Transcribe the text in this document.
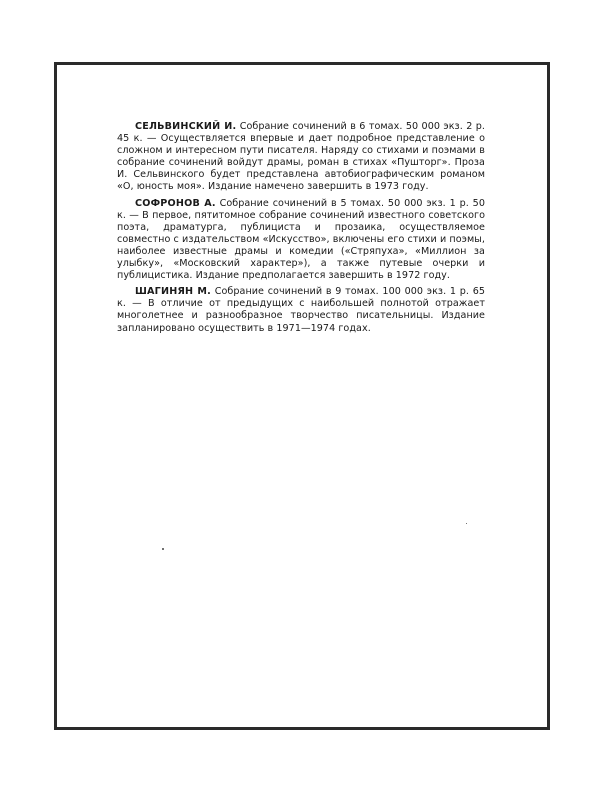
СЕЛЬВИНСКИЙ И. Собрание сочинений в 6 томах. 50 000 экз. 2 р. 45 к. — Осуществляется впервые и дает подробное представление о сложном и интересном пути писателя. Наряду со стихами и поэмами в собрание сочинений войдут драмы, роман в стихах «Пушторг». Проза И. Сельвинского будет представлена автобиографическим романом «О, юность моя». Издание намечено завершить в 1973 году.

СОФРОНОВ А. Собрание сочинений в 5 томах. 50 000 экз. 1 р. 50 к. — В первое, пятитомное собрание сочинений известного советского поэта, драматурга, публициста и прозаика, осуществляемое совместно с издательством «Искусство», включены его стихи и поэмы, наиболее известные драмы и комедии («Стряпуха», «Миллион за улыбку», «Московский характер»), а также путевые очерки и публицистика. Издание предполагается завершить в 1972 году.

ШАГИНЯН М. Собрание сочинений в 9 томах. 100 000 экз. 1 р. 65 к. — В отличие от предыдущих с наибольшей полнотой отражает многолетнее и разнообразное творчество писательницы. Издание запланировано осуществить в 1971—1974 годах.
